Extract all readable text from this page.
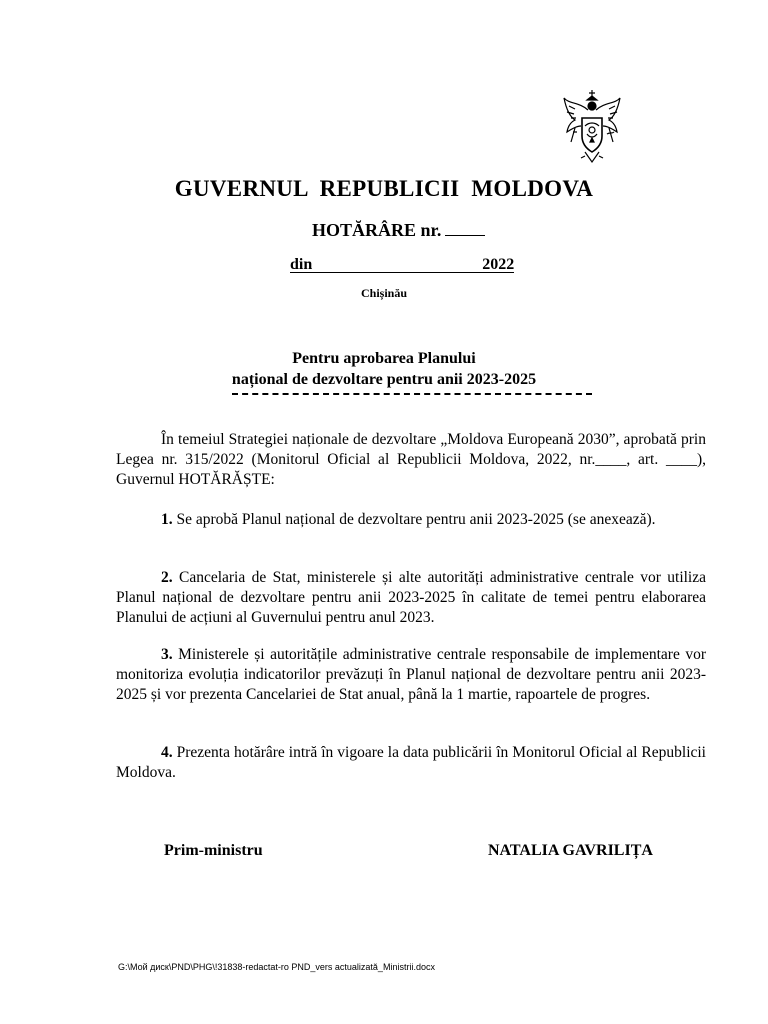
GUVERNUL REPUBLICII MOLDOVA
HOTĂRÂRE nr.
din	2022
Chișinău
Pentru aprobarea Planului
național de dezvoltare pentru anii 2023-2025
În temeiul Strategiei naționale de dezvoltare „Moldova Europeană 2030”, aprobată prin Legea nr. 315/2022 (Monitorul Oficial al Republicii Moldova, 2022, nr.____, art. ____), Guvernul HOTĂRĂȘTE:
1. Se aprobă Planul național de dezvoltare pentru anii 2023-2025 (se anexează).
2. Cancelaria de Stat, ministerele și alte autorități administrative centrale vor utiliza Planul național de dezvoltare pentru anii 2023-2025 în calitate de temei pentru elaborarea Planului de acțiuni al Guvernului pentru anul 2023.
3. Ministerele și autoritățile administrative centrale responsabile de implementare vor monitoriza evoluția indicatorilor prevăzuți în Planul național de dezvoltare pentru anii 2023-2025 și vor prezenta Cancelariei de Stat anual, până la 1 martie, rapoartele de progres.
4. Prezenta hotărâre intră în vigoare la data publicării în Monitorul Oficial al Republicii Moldova.
Prim-ministru	NATALIA GAVRILIȚA
G:\Мой диск\PND\PHG\!31838-redactat-ro PND_vers actualizată_Ministrii.docx
